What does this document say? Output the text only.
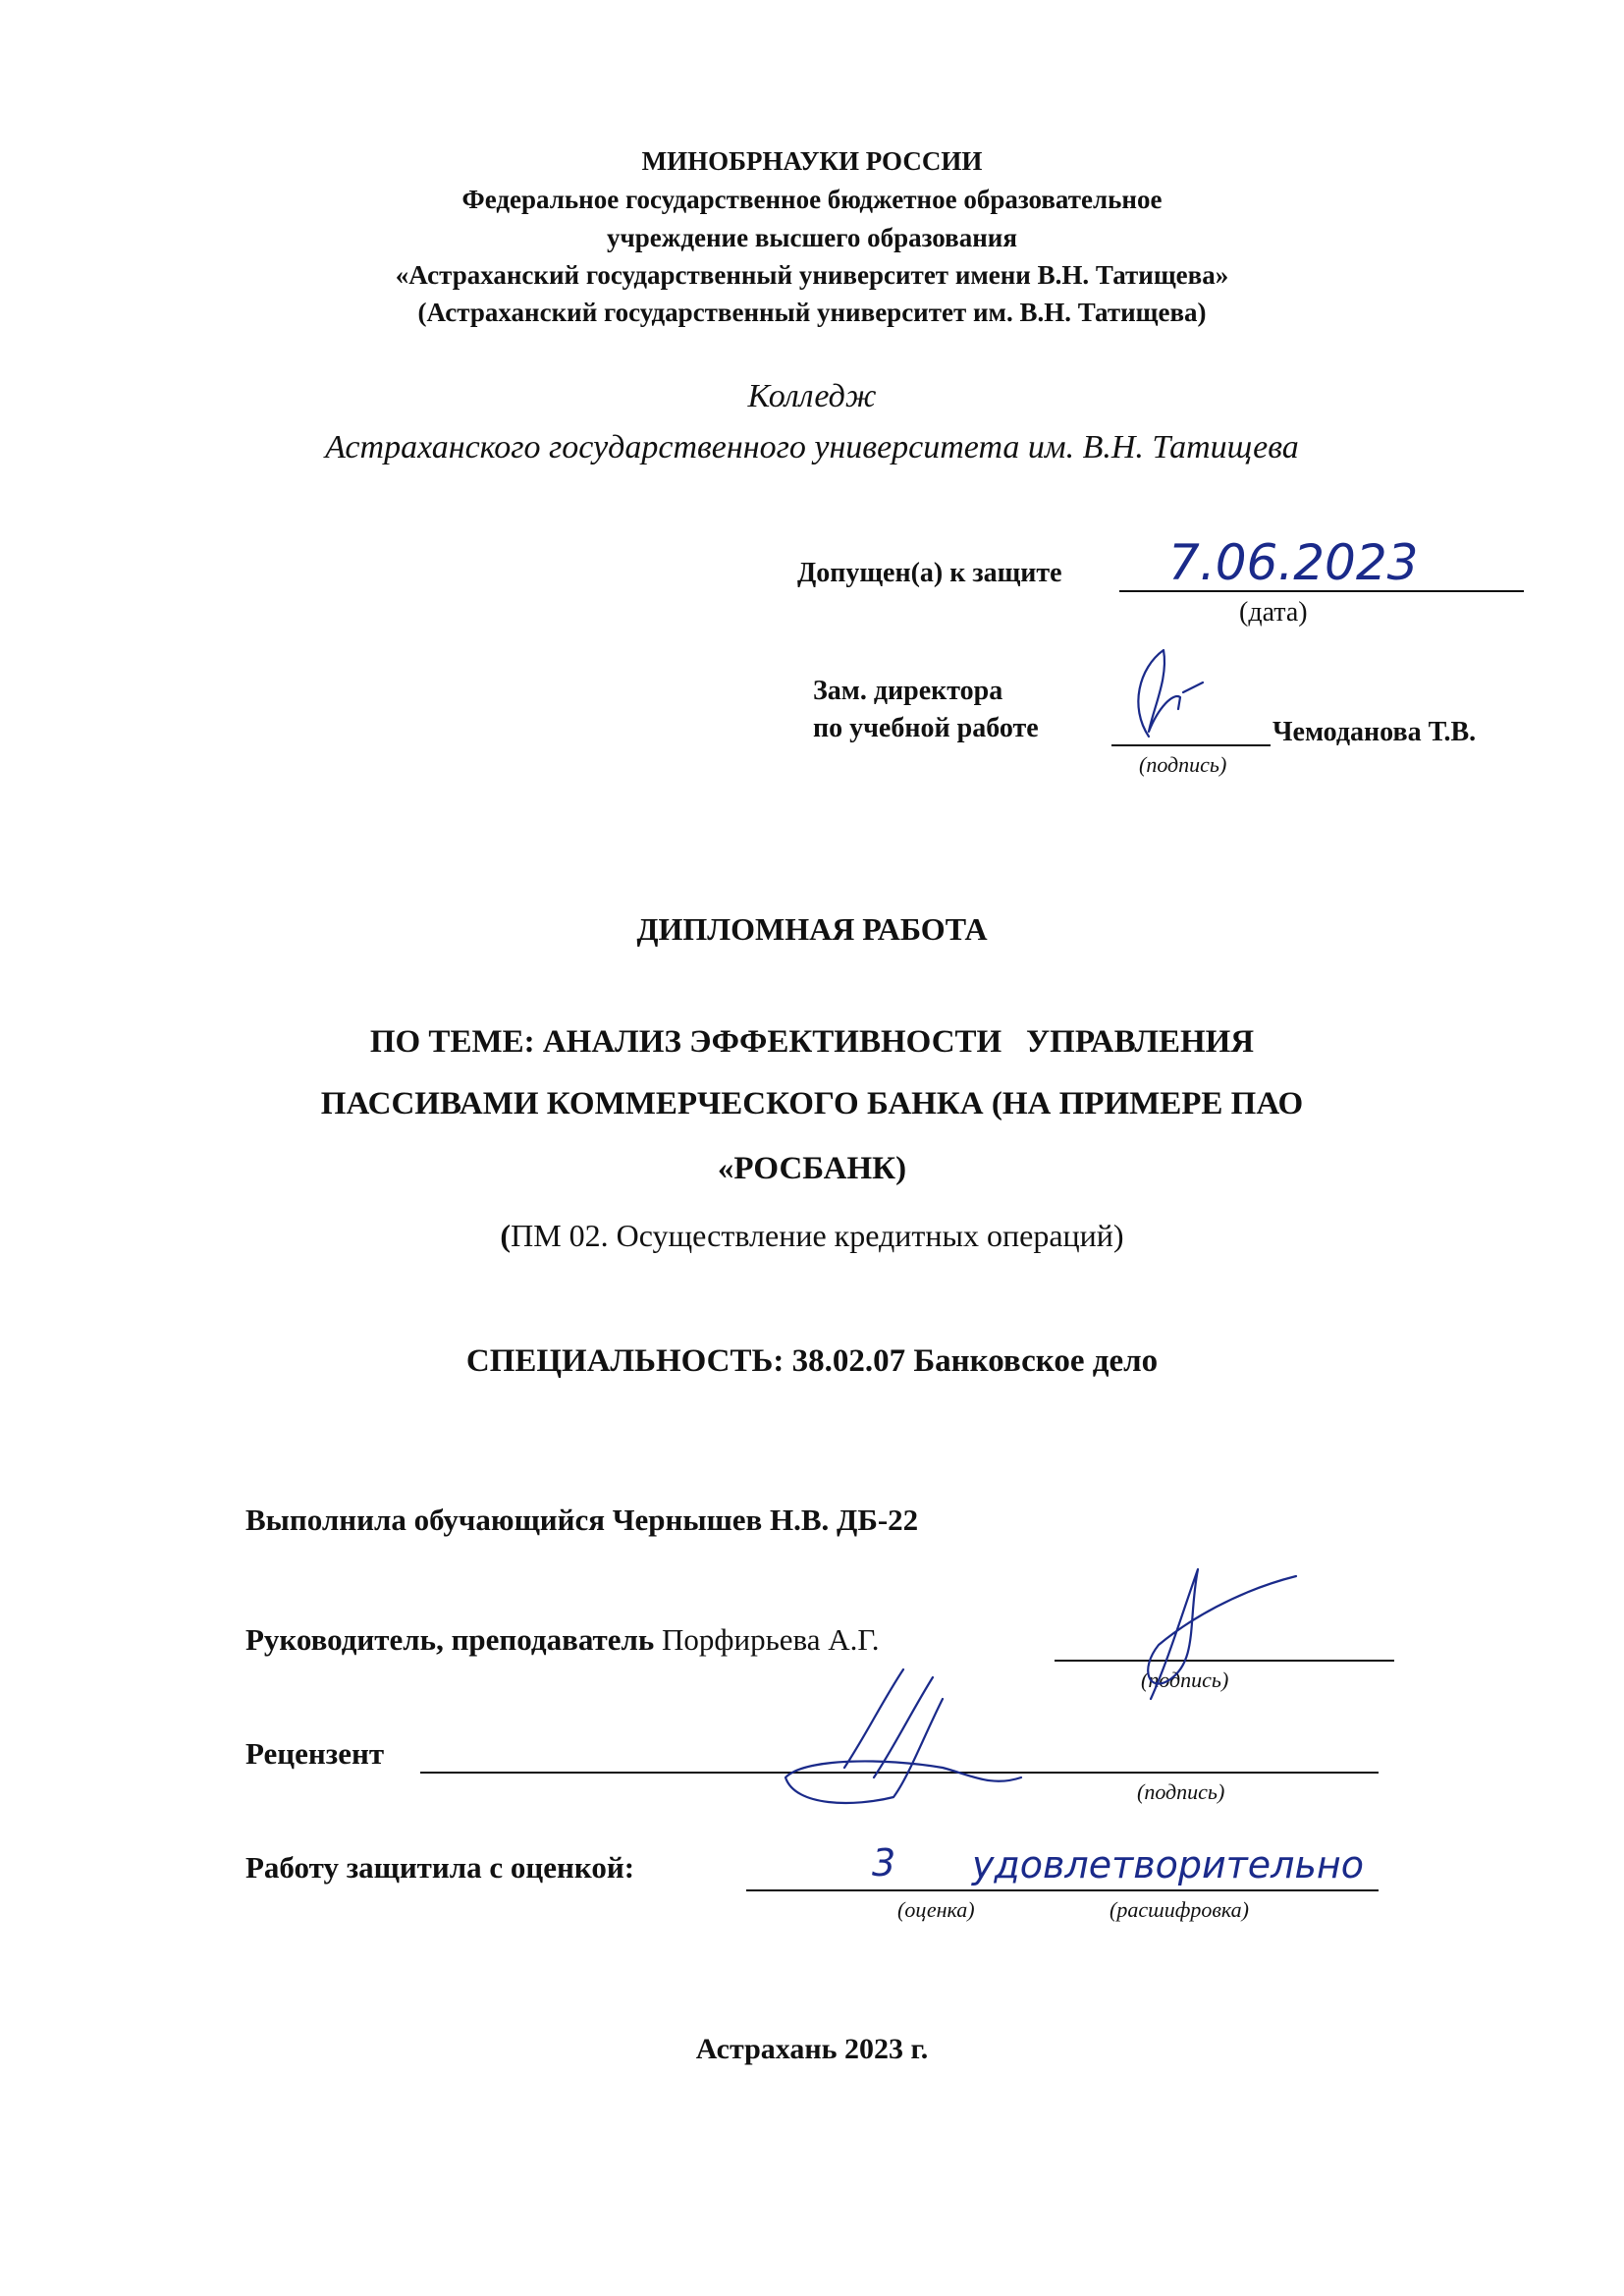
МИНОБРНАУКИ РОССИИ
Федеральное государственное бюджетное образовательное
учреждение высшего образования
«Астраханский государственный университет имени В.Н. Татищева»
(Астраханский государственный университет им. В.Н. Татищева)
Колледж
Астраханского государственного университета им. В.Н. Татищева
Допущен(а) к защите 7.06.2023
(дата)
Зам. директора
по учебной работе	Чемоданова Т.В.
(подпись)
ДИПЛОМНАЯ РАБОТА
ПО ТЕМЕ: АНАЛИЗ ЭФФЕКТИВНОСТИ   УПРАВЛЕНИЯ
ПАССИВАМИ КОММЕРЧЕСКОГО БАНКА (НА ПРИМЕРЕ ПАО
«РОСБАНК)
(ПМ 02. Осуществление кредитных операций)
СПЕЦИАЛЬНОСТЬ: 38.02.07 Банковское дело
Выполнила обучающийся Чернышев Н.В. ДБ-22
Руководитель, преподаватель Порфирьева А.Г.
(подпись)
Рецензент
(подпись)
Работу защитила с оценкой:	3 удовлетворительно
(оценка)	(расшифровка)
Астрахань 2023 г.
